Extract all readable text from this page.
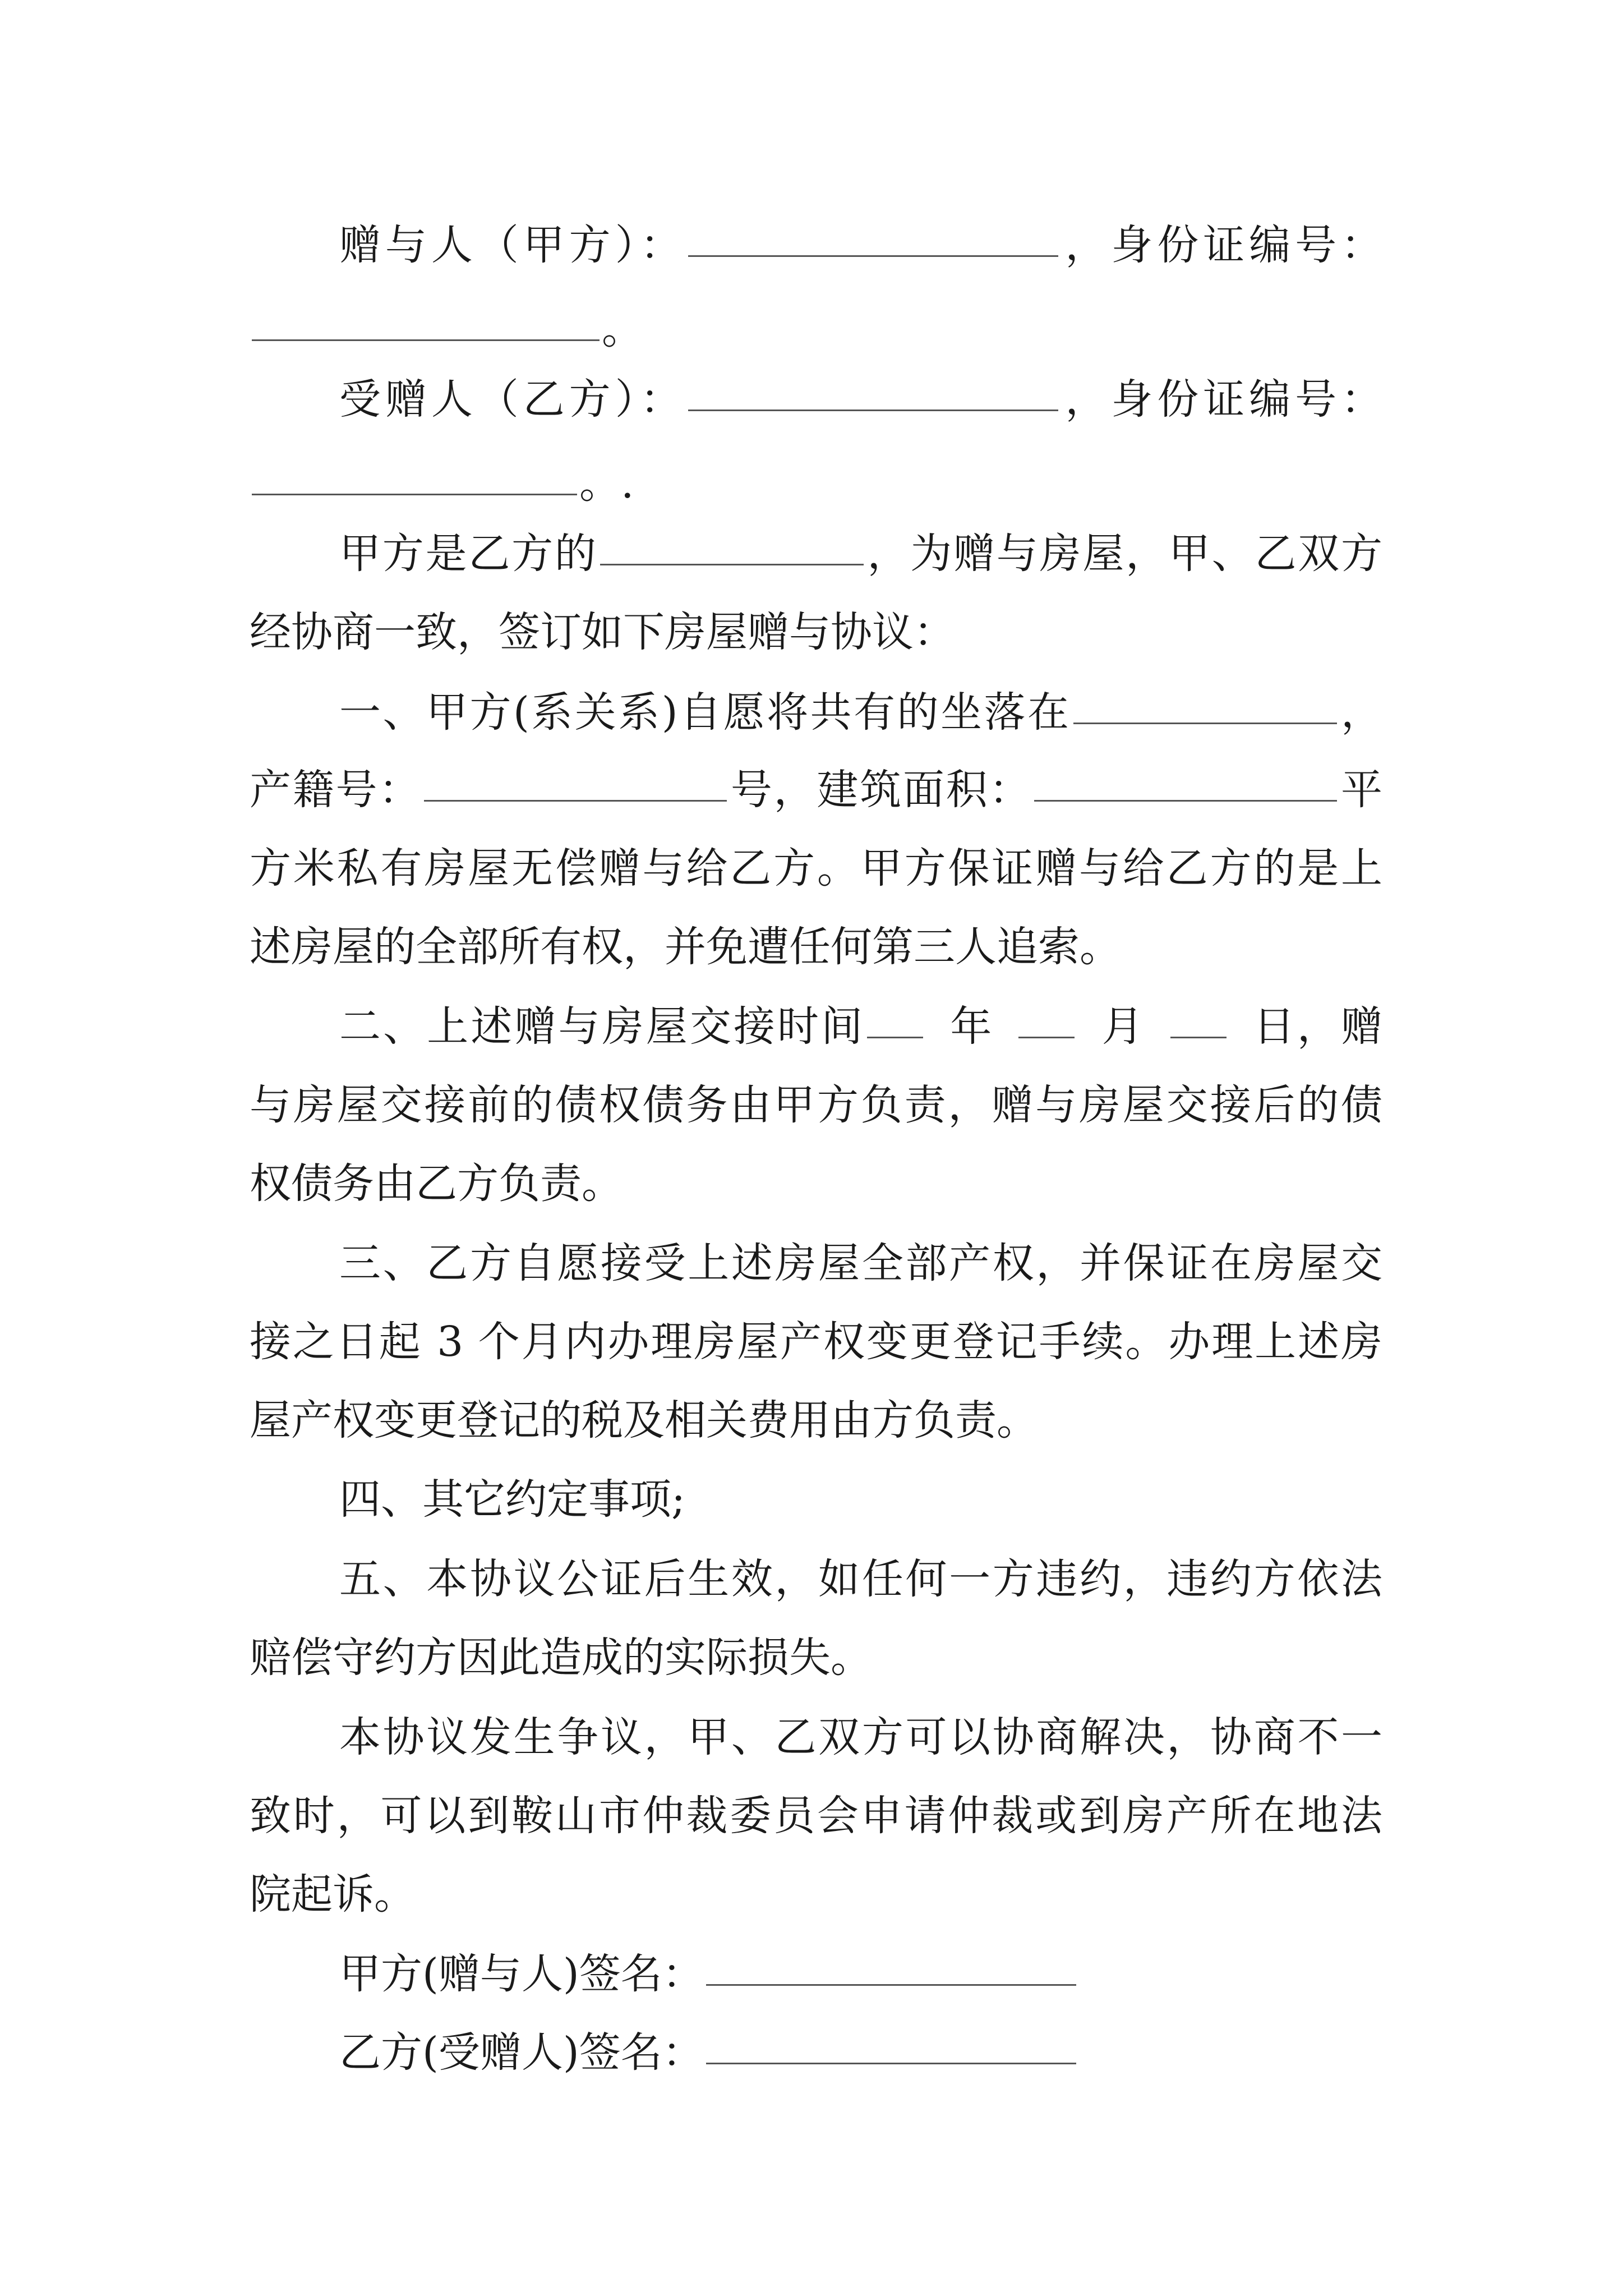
赠与人（甲方）：	，身份证编号：
。
受赠人（乙方）：	，身份证编号：
。.
甲方是乙方的	，为赠与房屋，甲、乙双方
经协商一致，签订如下房屋赠与协议：
一、甲方(系关系)自愿将共有的坐落在	，
产籍号：	号，建筑面积：	平
方米私有房屋无偿赠与给乙方。甲方保证赠与给乙方的是上
述房屋的全部所有权，并免遭任何第三人追索。
二、上述赠与房屋交接时间 年	月	日，赠
与房屋交接前的债权债务由甲方负责，赠与房屋交接后的债
权债务由乙方负责。
三、乙方自愿接受上述房屋全部产权，并保证在房屋交
接之日起 3 个月内办理房屋产权变更登记手续。办理上述房
屋产权变更登记的税及相关费用由方负责。
四、其它约定事项;
五、本协议公证后生效，如任何一方违约，违约方依法
赔偿守约方因此造成的实际损失。
本协议发生争议，甲、乙双方可以协商解决，协商不一
致时，可以到鞍山市仲裁委员会申请仲裁或到房产所在地法
院起诉。
甲方(赠与人)签名：
乙方(受赠人)签名：
